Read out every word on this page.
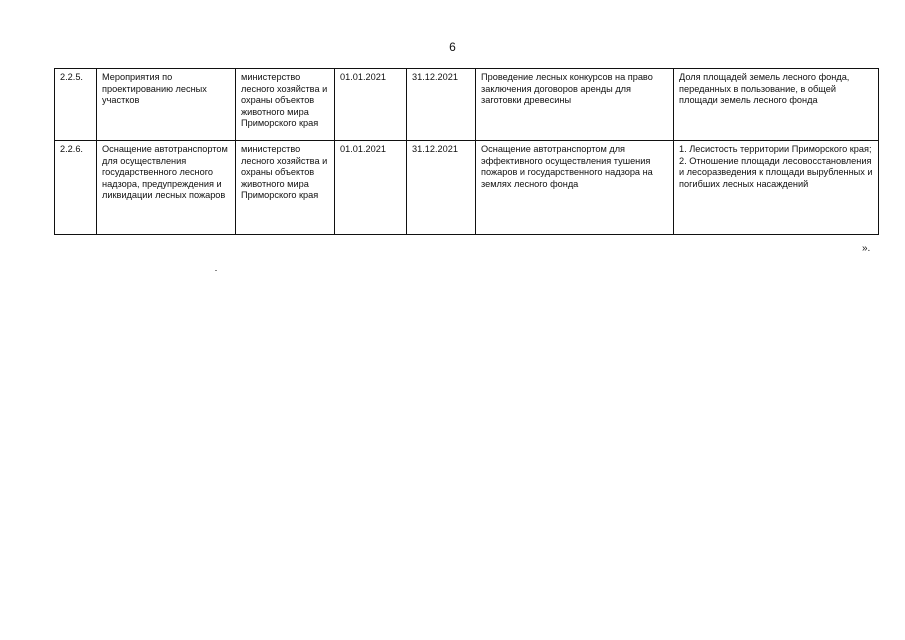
6
2.2.5.	Мероприятия по проектированию лесных участков	министерство лесного хозяйства и охраны объектов животного мира Приморского края	01.01.2021	31.12.2021	Проведение лесных конкурсов на право заключения договоров аренды для заготовки древесины	Доля площадей земель лесного фонда, переданных в пользование, в общей площади земель лесного фонда
2.2.6.	Оснащение автотранспортом для осуществления государственного лесного надзора, предупреждения и ликвидации лесных пожаров	министерство лесного хозяйства и охраны объектов животного мира Приморского края	01.01.2021	31.12.2021	Оснащение автотранспортом для эффективного осуществления тушения пожаров и государственного надзора на землях лесного фонда	1. Лесистость территории Приморского края;
2. Отношение площади лесовосстановления и лесоразведения к площади вырубленных и погибших лесных насаждений
».
